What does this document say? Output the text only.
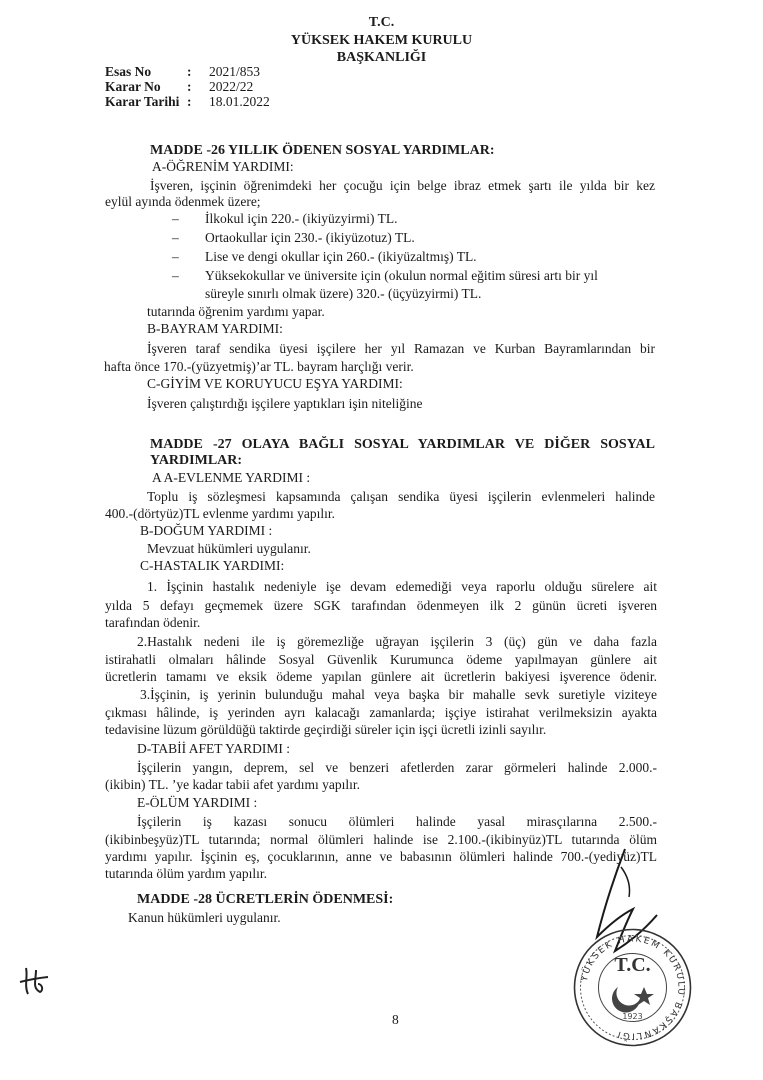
T.C.
YÜKSEK HAKEM KURULU
BAŞKANLIĞI
Esas No	:	2021/853
Karar No	:	2022/22
Karar Tarihi :	18.01.2022
MADDE -26 YILLIK ÖDENEN SOSYAL YARDIMLAR:
A-ÖĞRENİM YARDIMI:
İşveren, işçinin öğrenimdeki her çocuğu için belge ibraz etmek şartı ile yılda bir kez
eylül ayında ödenmek üzere;
– İlkokul için 220.- (ikiyüzyirmi) TL.
– Ortaokullar için 230.- (ikiyüzotuz) TL.
– Lise ve dengi okullar için 260.- (ikiyüzaltmış) TL.
– Yüksekokullar ve üniversite için (okulun normal eğitim süresi artı bir yıl
süreyle sınırlı olmak üzere) 320.- (üçyüzyirmi) TL.
tutarında öğrenim yardımı yapar.
B-BAYRAM YARDIMI:
İşveren taraf sendika üyesi işçilere her yıl Ramazan ve Kurban Bayramlarından bir
hafta önce 170.-(yüzyetmiş)’ar TL. bayram harçlığı verir.
C-GİYİM VE KORUYUCU EŞYA YARDIMI:
İşveren çalıştırdığı işçilere yaptıkları işin niteliğine
MADDE -27 OLAYA BAĞLI SOSYAL YARDIMLAR VE DİĞER SOSYAL
YARDIMLAR:
A A-EVLENME YARDIMI :
Toplu iş sözleşmesi kapsamında çalışan sendika üyesi işçilerin evlenmeleri halinde
400.-(dörtyüz)TL evlenme yardımı yapılır.
B-DOĞUM YARDIMI :
Mevzuat hükümleri uygulanır.
C-HASTALIK YARDIMI:
1. İşçinin hastalık nedeniyle işe devam edemediği veya raporlu olduğu sürelere ait
yılda 5 defayı geçmemek üzere SGK tarafından ödenmeyen ilk 2 günün ücreti işveren
tarafından ödenir.
2.Hastalık nedeni ile iş göremezliğe uğrayan işçilerin 3 (üç) gün ve daha fazla
istirahatli olmaları hâlinde Sosyal Güvenlik Kurumunca ödeme yapılmayan günlere ait
ücretlerin tamamı ve eksik ödeme yapılan günlere ait ücretlerin bakiyesi işverence ödenir.
3.İşçinin, iş yerinin bulunduğu mahal veya başka bir mahalle sevk suretiyle viziteye
çıkması hâlinde, iş yerinden ayrı kalacağı zamanlarda; işçiye istirahat verilmeksizin ayakta
tedavisine lüzum görüldüğü taktirde geçirdiği süreler için işçi ücretli izinli sayılır.
D-TABİİ AFET YARDIMI :
İşçilerin yangın, deprem, sel ve benzeri afetlerden zarar görmeleri halinde 2.000.-
(ikibin) TL. ’ye kadar tabii afet yardımı yapılır.
E-ÖLÜM YARDIMI :
İşçilerin iş kazası sonucu ölümleri halinde yasal mirasçılarına 2.500.-
(ikibinbeşyüz)TL tutarında; normal ölümleri halinde ise 2.100.-(ikibinyüz)TL tutarında ölüm
yardımı yapılır. İşçinin eş, çocuklarının, anne ve babasının ölümleri halinde 700.-(yediyüz)TL
tutarında ölüm yardım yapılır.
MADDE -28 ÜCRETLERİN ÖDENMESİ:
Kanun hükümleri uygulanır.
8
YÜKSEK HAKEM KURULU BAŞKANLIĞI
T.C.
1923
